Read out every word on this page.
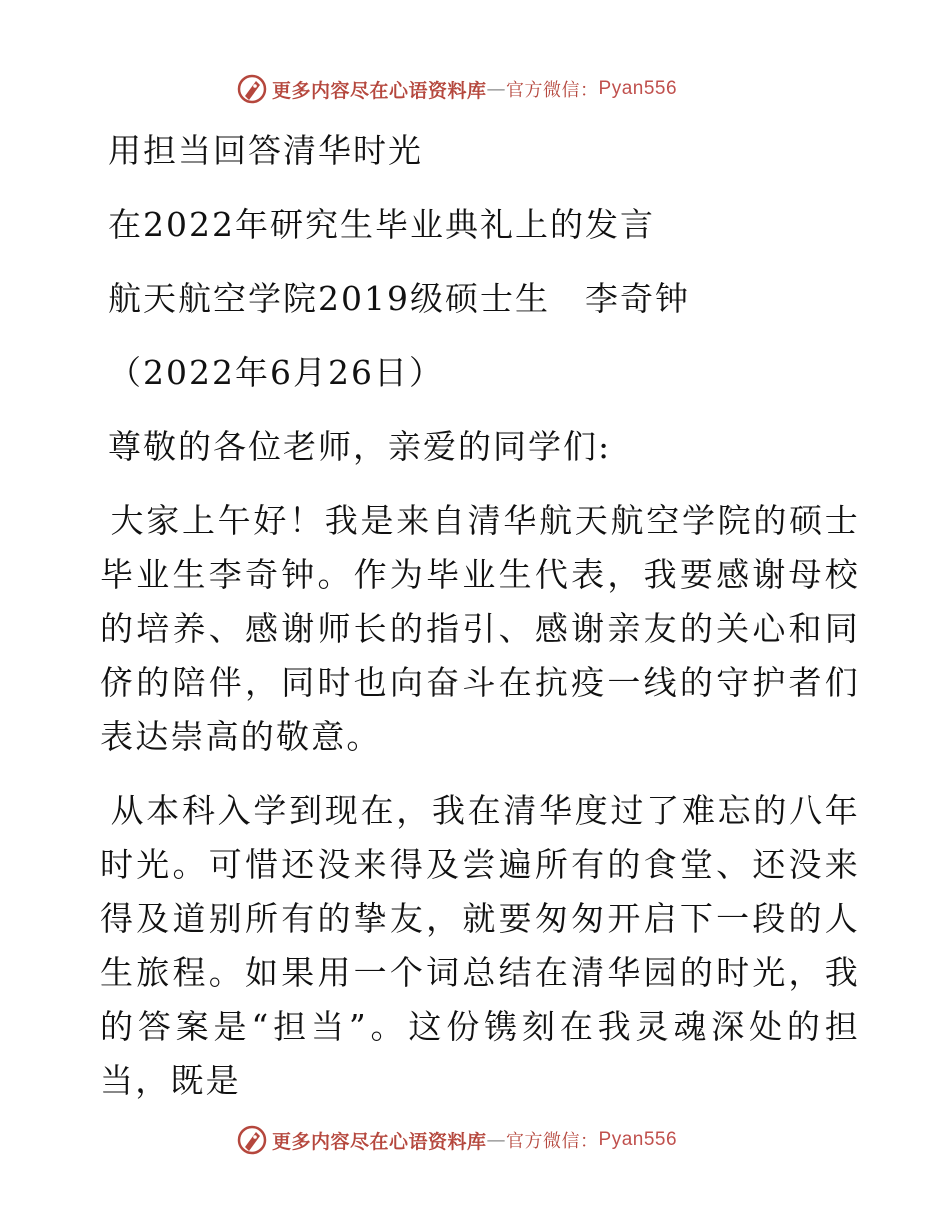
更多内容尽在心语资料库 — 官方微信： Pyan556
用担当回答清华时光
在2022年研究生毕业典礼上的发言
航天航空学院2019级硕士生　李奇钟
（2022年6月26日）
尊敬的各位老师，亲爱的同学们:

大家上午好！我是来自清华航天航空学院的硕士毕业生李奇钟。作为毕业生代表，我要感谢母校的培养、感谢师长的指引、感谢亲友的关心和同侪的陪伴，同时也向奋斗在抗疫一线的守护者们表达崇高的敬意。

从本科入学到现在，我在清华度过了难忘的八年时光。可惜还没来得及尝遍所有的食堂、还没来得及道别所有的挚友，就要匆匆开启下一段的人生旅程。如果用一个词总结在清华园的时光，我的答案是“担当”。这份镌刻在我灵魂深处的担当，既是

更多内容尽在心语资料库 — 官方微信： Pyan556
